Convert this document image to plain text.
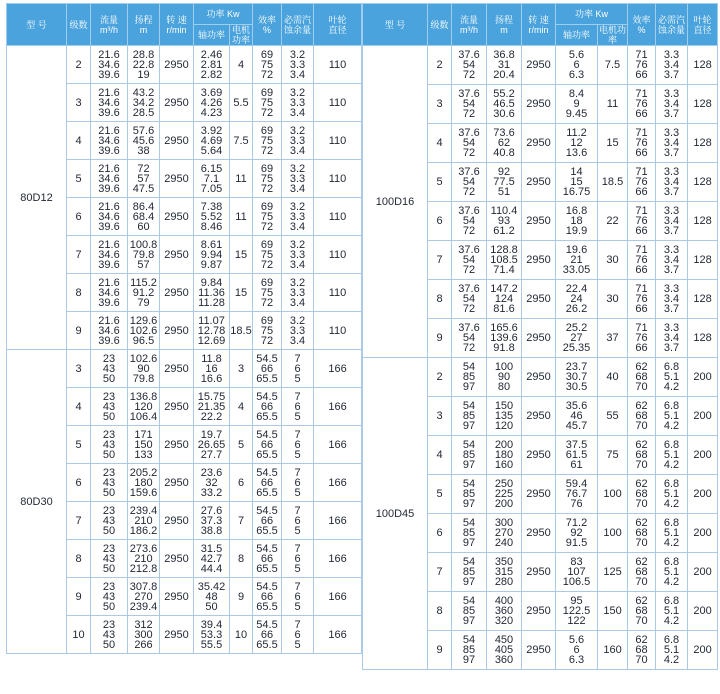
型 号	级数	流量
m³/h	扬程
m	转 速
r/min	功率 Kw		效率
%	必需汽
蚀余量	叶轮
直径
					轴功率	电机功率			
80D12	2	21.6
34.6
39.6	28.8
22.8
19	2950	2.46
2.81
2.82	4	69
75
72	3.2
3.3
3.4	110
	3	21.6
34.6
39.6	43.2
34.2
28.5	2950	3.69
4.26
4.23	5.5	69
75
72	3.2
3.3
3.4	110
	4	21.6
34.6
39.6	57.6
45.6
38	2950	3.92
4.69
5.64	7.5	69
75
72	3.2
3.3
3.4	110
	5	21.6
34.6
39.6	72
57
47.5	2950	6.15
7.1
7.05	11	69
75
72	3.2
3.3
3.4	110
	6	21.6
34.6
39.6	86.4
68.4
60	2950	7.38
5.52
8.46	11	69
75
72	3.2
3.3
3.4	110
	7	21.6
34.6
39.6	100.8
79.8
57	2950	8.61
9.94
9.87	15	69
75
72	3.2
3.3
3.4	110
	8	21.6
34.6
39.6	115.2
91.2
79	2950	9.84
11.36
11.28	15	69
75
72	3.2
3.3
3.4	110
	9	21.6
34.6
39.6	129.6
102.6
96.5	2950	11.07
12.78
12.69	18.5	69
75
72	3.2
3.3
3.4	110
80D30	3	23
43
50	102.6
90
79.8	2950	11.8
16
16.6	3	54.5
66
65.5	7
6
5	166
	4	23
43
50	136.8
120
106.4	2950	15.75
21.35
22.2	4	54.5
66
65.5	7
6
5	166
	5	23
43
50	171
150
133	2950	19.7
26.65
27.7	5	54.5
66
65.5	7
6
5	166
	6	23
43
50	205.2
180
159.6	2950	23.6
32
33.2	6	54.5
66
65.5	7
6
5	166
	7	23
43
50	239.4
210
186.2	2950	27.6
37.3
38.8	7	54.5
66
65.5	7
6
5	166
	8	23
43
50	273.6
210
212.8	2950	31.5
42.7
44.4	8	54.5
66
65.5	7
6
5	166
	9	23
43
50	307.8
270
239.4	2950	35.42
48
50	9	54.5
66
65.5	7
6
5	166
	10	23
43
50	312
300
266	2950	39.4
53.3
55.5	10	54.5
66
65.5	7
6
5	166
型 号	级数	流量
m³/h	扬程
m	转 速
r/min	功率 Kw		效率
%	必需汽
蚀余量	叶轮
直径
					轴功率	电机功率			
100D16	2	37.6
54
72	36.8
31
20.4	2950	5.6
6
6.3	7.5	71
76
66	3.3
3.4
3.7	128
	3	37.6
54
72	55.2
46.5
30.6	2950	8.4
9
9.45	11	71
76
66	3.3
3.4
3.7	128
	4	37.6
54
72	73.6
62
40.8	2950	11.2
12
13.6	15	71
76
66	3.3
3.4
3.7	128
	5	37.6
54
72	92
77.5
51	2950	14
15
16.75	18.5	71
76
66	3.3
3.4
3.7	128
	6	37.6
54
72	110.4
93
61.2	2950	16.8
18
19.9	22	71
76
66	3.3
3.4
3.7	128
	7	37.6
54
72	128.8
108.5
71.4	2950	19.6
21
33.05	30	71
76
66	3.3
3.4
3.7	128
	8	37.6
54
72	147.2
124
81.6	2950	22.4
24
26.2	30	71
76
66	3.3
3.4
3.7	128
	9	37.6
54
72	165.6
139.6
91.8	2950	25.2
27
25.35	37	71
76
66	3.3
3.4
3.7	128
100D45	2	54
85
97	100
90
80	2950	23.7
30.7
30.5	40	62
68
70	6.8
5.1
4.2	200
	3	54
85
97	150
135
120	2950	35.6
46
45.7	55	62
68
70	6.8
5.1
4.2	200
	4	54
85
97	200
180
160	2950	37.5
61.5
61	75	62
68
70	6.8
5.1
4.2	200
	5	54
85
97	250
225
200	2950	59.4
76.7
76	100	62
68
70	6.8
5.1
4.2	200
	6	54
85
97	300
270
240	2950	71.2
92
91.5	100	62
68
70	6.8
5.1
4.2	200
	7	54
85
97	350
315
280	2950	83
107
106.5	125	62
68
70	6.8
5.1
4.2	200
	8	54
85
97	400
360
320	2950	95
122.5
122	150	62
68
70	6.8
5.1
4.2	200
	9	54
85
97	450
405
360	2950	5.6
6
6.3	160	62
68
70	6.8
5.1
4.2	200
